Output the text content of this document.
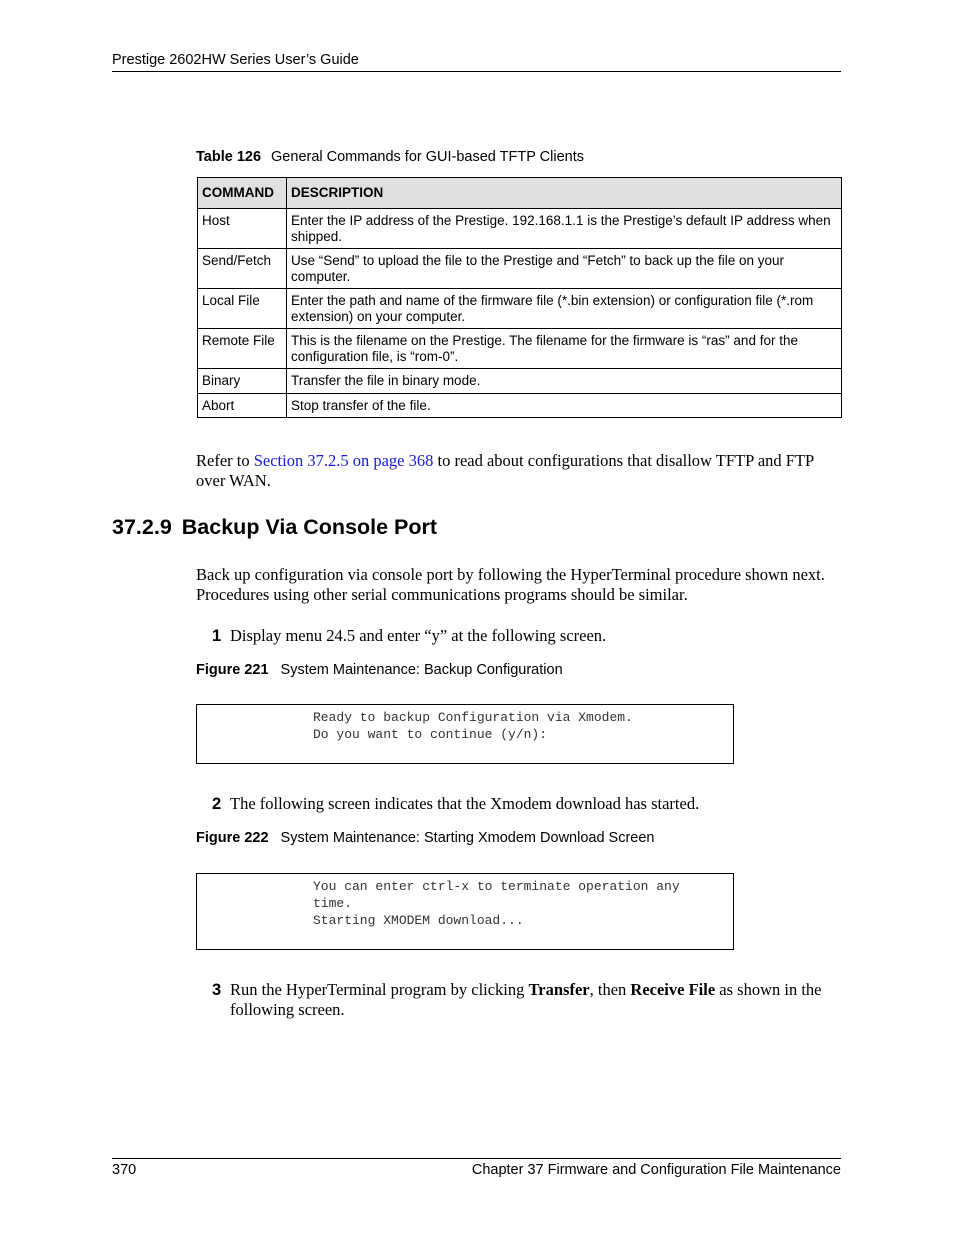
Prestige 2602HW Series User’s Guide
Table 126 General Commands for GUI-based TFTP Clients
COMMAND	DESCRIPTION
Host	Enter the IP address of the Prestige. 192.168.1.1 is the Prestige’s default IP address when shipped.
Send/Fetch	Use “Send” to upload the file to the Prestige and “Fetch” to back up the file on your computer.
Local File	Enter the path and name of the firmware file (*.bin extension) or configuration file (*.rom extension) on your computer.
Remote File	This is the filename on the Prestige. The filename for the firmware is “ras” and for the configuration file, is “rom-0”.
Binary	Transfer the file in binary mode.
Abort	Stop transfer of the file.
Refer to Section 37.2.5 on page 368 to read about configurations that disallow TFTP and FTP over WAN.
37.2.9 Backup Via Console Port
Back up configuration via console port by following the HyperTerminal procedure shown next. Procedures using other serial communications programs should be similar.
1 Display menu 24.5 and enter “y” at the following screen.
Figure 221 System Maintenance: Backup Configuration
Ready to backup Configuration via Xmodem.
Do you want to continue (y/n):
2 The following screen indicates that the Xmodem download has started.
Figure 222 System Maintenance: Starting Xmodem Download Screen
You can enter ctrl-x to terminate operation any
time.
Starting XMODEM download...
3 Run the HyperTerminal program by clicking Transfer, then Receive File as shown in the following screen.
370	Chapter 37 Firmware and Configuration File Maintenance
